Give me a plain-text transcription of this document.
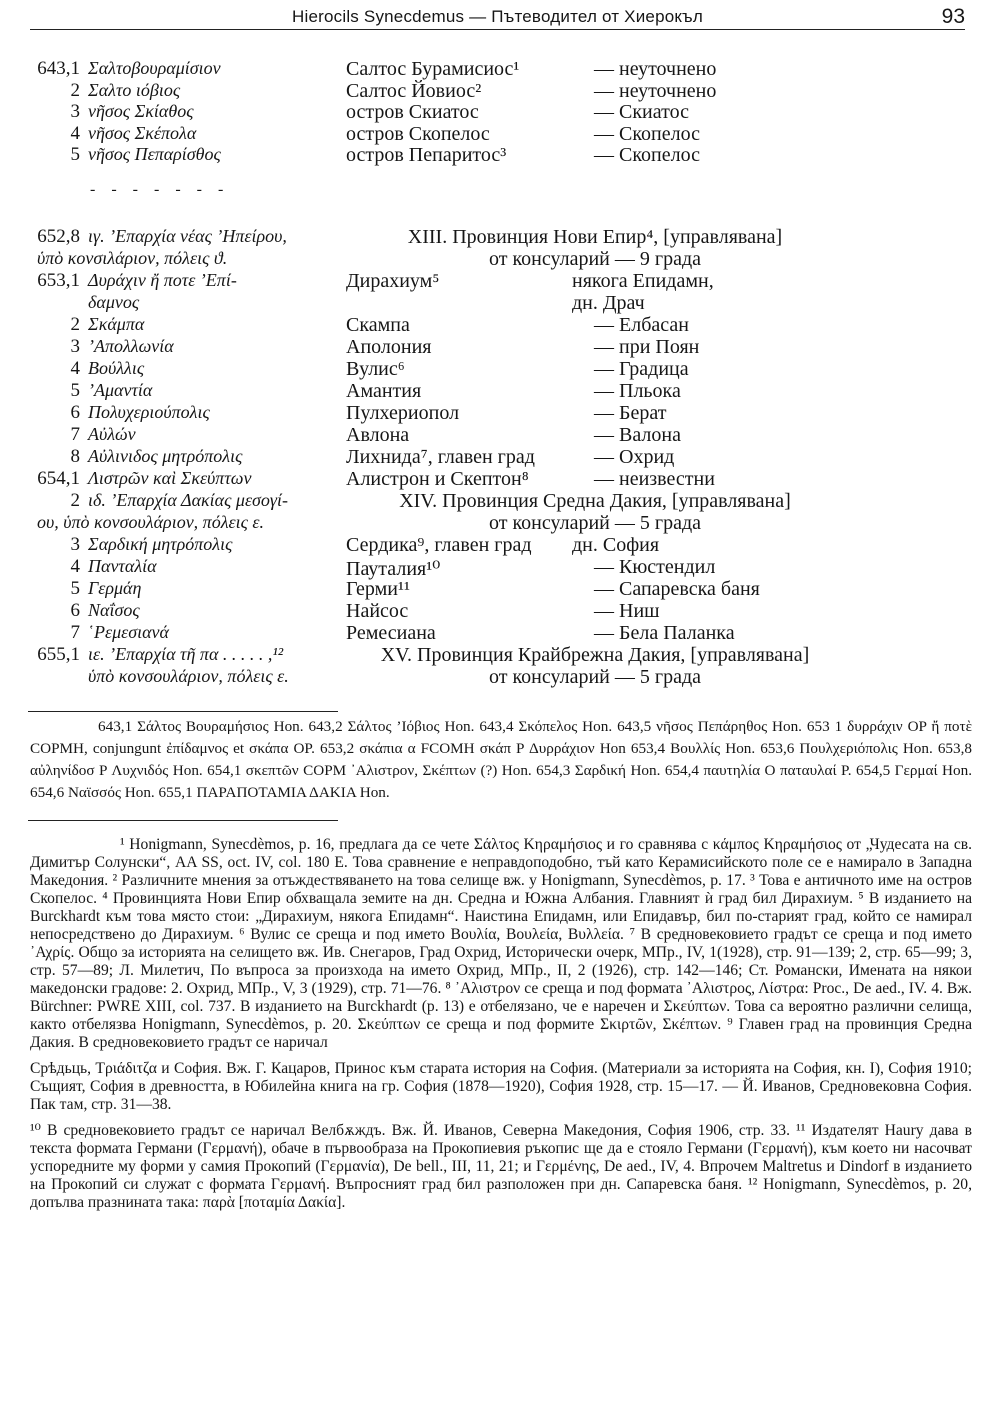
Hierocils Synecdemus — Пътеводител от Хиерокъл	93
643,1 Σαλτοβουραμίσιον	Салтос Бурамисиос¹	— неуточнено
2 Σαλτο ιόβιος	Салтос Йовиос²	— неуточнено
3 νῆσος Σκίαθος	остров Скиатос	— Скиатос
4 νῆσος Σκέπολα	остров Скопелос	— Скопелос
5 νῆσος Πεπαρίσθος	остров Пепаритос³	— Скопелос
- - - - - - -
652,8 ιγ. ’Επαρχία νέας ’Ηπείρου,	XIII. Провинция Нови Епир⁴, [управлявана]
ὑπὸ κονσιλάριον, πόλεις ϑ.	от консуларий — 9 града
653,1 Δυράχιν ἤ ποτε ’Επί-	Дирахиум⁵	някога Епидамн,
δαμνος	дн. Драч
2 Σκάμπα	Скампа	— Елбасан
3 ’Απολλωνία	Аполония	— при Поян
4 Βούλλις	Вулис⁶	— Градица
5 ’Αμαντία	Амантия	— Пльока
6 Πολυχεριούπολις	Пулхериопол	— Берат
7 Αὐλών	Авлона	— Валона
8 Αὐλινιδος μητρόπολις	Лихнида⁷, главен град	— Охрид
654,1 Λιστρῶν καὶ Σκεύπτων	Алистрон и Скептон⁸	— неизвестни
2 ιδ. ’Επαρχία Δακίας μεσογί-	XIV. Провинция Средна Дакия, [управлявана]
ου, ὑπὸ κονσουλάριον, πόλεις ε.	от консуларий — 5 града
3 Σαρδική μητρόπολις	Сердика⁹, главен град дн. София
4 Πανταλία	Пауталия¹⁰	— Кюстендил
5 Γερμάη	Герми¹¹	— Сапаревска баня
6 Ναΐσος	Найсос	— Ниш
7 ῾Ρεμεσιανά	Ремесиана	— Бела Паланка
655,1 ιε. ’Επαρχία τῆ πα . . . . . ,¹²	XV. Провинция Крайбрежна Дакия, [управлявана]
ὑπὸ κονσουλάριον, πόλεις ε.	от консуларий — 5 града
643,1 Σάλτος Βουραμήσιος Hon. 643,2 Σάλτος ’Ιόβιος Hon. 643,4 Σκόπελος Hon. 643,5 νῆσος Πεπάρηθος Hon. 653 1 δυρράχιν OP ἤ ποτὲ COPMH, conjungunt ἐπίδαμνος et σκάπα OP. 653,2 σκάπια α FCOMH σκάπ P Δυρράχιον Hon 653,4 Βουλλίς Hon. 653,6 Πουλχεριόπολις Hon. 653,8 αὐληνίδοσ P Λυχνιδός Hon. 654,1 σκεπτῶν COPM ᾿Αλιστρον, Σκέπτων (?) Hon. 654,3 Σαρδική Hon. 654,4 παυτηλία O παταυλαί P. 654,5 Γερμαί Hon. 654,6 Ναϊσσός Hon. 655,1 ΠΑΡΑΠΟΤΑΜΙΑ ΔΑΚΙΑ Hon.

¹ Honigmann, Synecdèmos, p. 16, предлага да се чете Σάλτος Κηραμήσιος и го сравнява с κάμπος Κηραμήσιος от „Чудесата на св. Димитър Солунски“, AA SS, oct. IV, col. 180 E. Това сравнение е неправдоподобно, тъй като Керамисийското поле се е намирало в Западна Македония. ² Различните мнения за отъждествяването на това селище вж. у Honigmann, Synecdèmos, p. 17. ³ Това е античното име на остров Скопелос. ⁴ Провинцията Нови Епир обхващала земите на дн. Средна и Южна Албания. Главният ѝ град бил Дирахиум. ⁵ В изданието на Burckhardt към това място стои: „Дирахиум, някога Епидамн“. Наистина Епидамн, или Епидавър, бил по-старият град, който се намирал непосредствено до Дирахиум. ⁶ Вулис се среща и под името Βουλία, Βουλεία, Βυλλεία. ⁷ В средновековието градът се среща и под името ᾿Αχρίς. Общо за историята на селището вж. Ив. Снегаров, Град Охрид, Исторически очерк, МПр., IV, 1(1928), стр. 91—139; 2, стр. 65—99; 3, стр. 57—89; Л. Милетич, По въпроса за произхода на името Охрид, МПр., II, 2 (1926), стр. 142—146; Ст. Романски, Имената на някои македонски градове: 2. Охрид, МПр., V, 3 (1929), стр. 71—76. ⁸ ᾿Αλιστρον се среща и под формата ᾿Αλιστρος, Λίστρα: Proc., De aed., IV. 4. Вж. Bürchner: PWRE XIII, col. 737. В изданието на Burckhardt (p. 13) е отбелязано, че е наречен и Σκεύπτων. Това са вероятно различни селища, както отбелязва Honigmann, Synecdèmos, p. 20. Σκεύπτων се среща и под формите Σκιρτῶν, Σκέπτων. ⁹ Главен град на провинция Средна Дакия. В средновековието градът се наричал

Срѣдьць, Τριάδιτζα и София. Вж. Г. Кацаров, Принос към старата история на София. (Материали за историята на София, кн. I), София 1910; Същият, София в древността, в Юбилейна книга на гр. София (1878—1920), София 1928, стр. 15—17. — Й. Иванов, Средновековна София. Пак там, стр. 31—38.

¹⁰ В средновековието градът се наричал Велбѫждъ. Вж. Й. Иванов, Северна Македония, София 1906, стр. 33. ¹¹ Издателят Haury дава в текста формата Германи (Γερμανή), обаче в първообраза на Прокопиевия ръкопис ще да е стояло Германи (Γερμανή), към което ни насочват успоредните му форми у самия Прокопий (Γερμανία), De bell., III, 11, 21; и Γερμένης, De aed., IV, 4. Впрочем Maltretus и Dindorf в изданието на Прокопий си служат с формата Γερμανή. Въпросният град бил разположен при дн. Сапаревска баня. ¹² Honigmann, Synecdèmos, p. 20, допълва празнината така: παρὰ [ποταμία Δακία].
